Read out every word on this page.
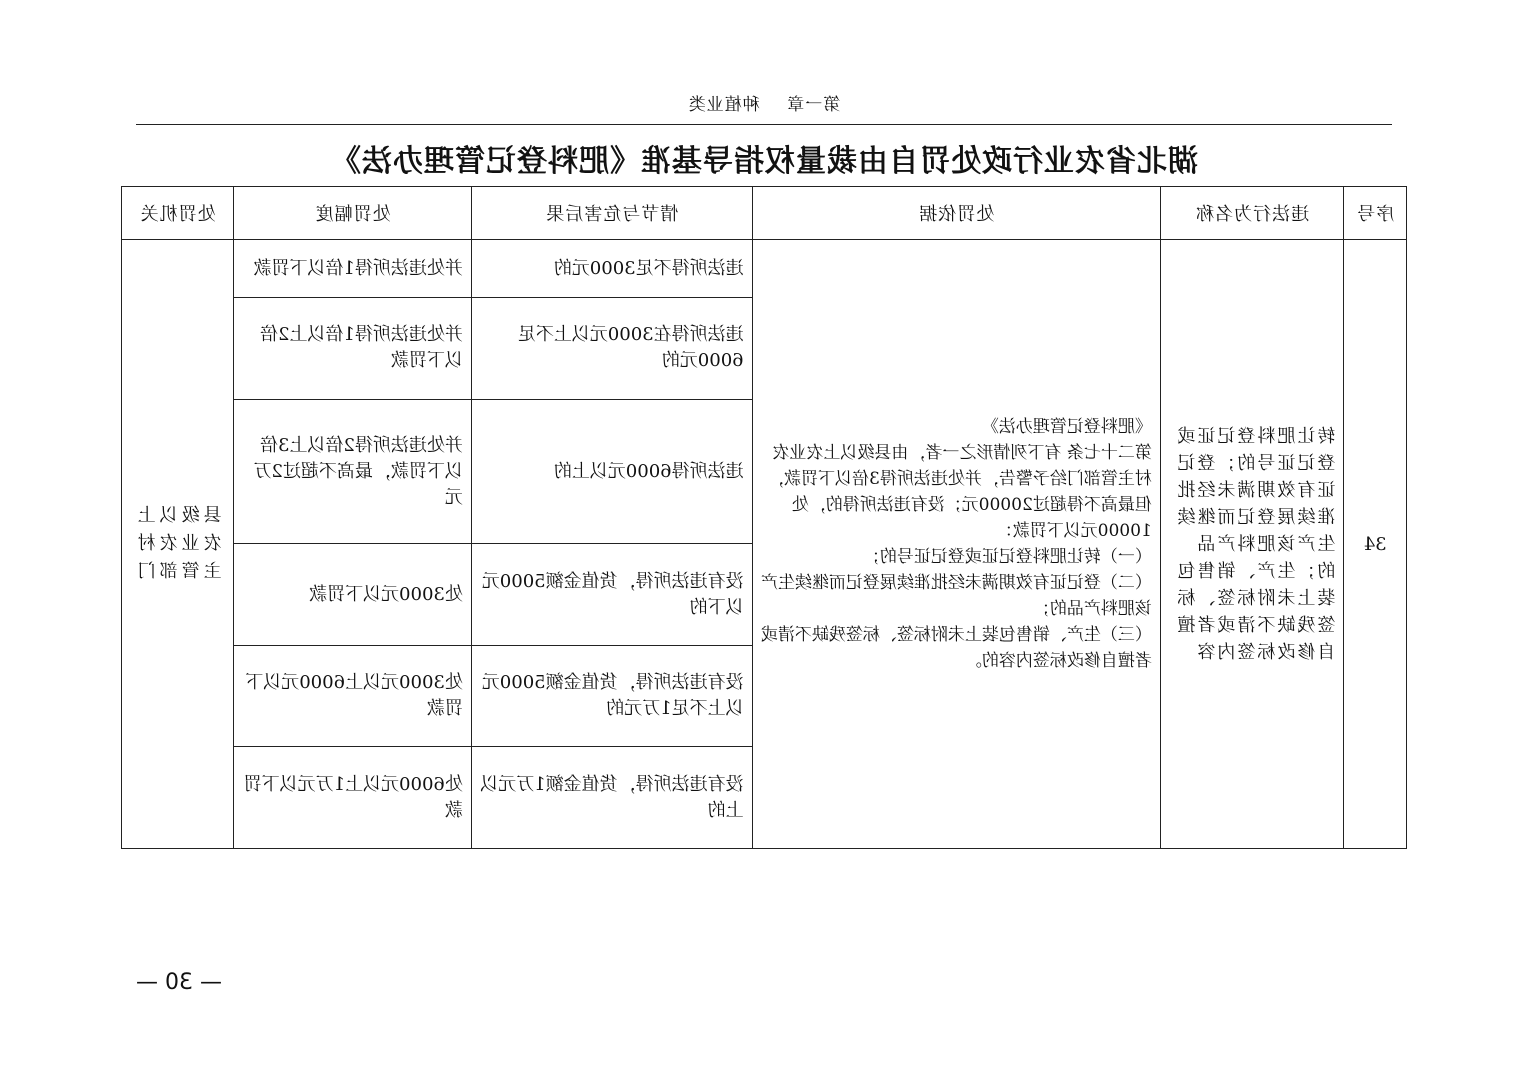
第一章 种植业类
湖北省农业行政处罚自由裁量权指导基准《肥料登记管理办法》
序号	违法行为名称	处罚依据	情节与危害后果	处罚幅度	处罚机关
34	转让肥料登记证或登记证号的；登记证有效期满未经批准续展登记而继续生产该肥料产品的；生产、销售包装上未附标签、标签残缺不清或者擅自修改标签内容	《肥料登记管理办法》
第二十七条 有下列情形之一者，由县级以上农业农村主管部门给予警告，并处违法所得3倍以下罚款，但最高不得超过20000元；没有违法所得的，处10000元以下罚款：
（一）转让肥料登记证或登记证号的；
（二）登记证有效期满未经批准续展登记而继续生产该肥料产品的；
（三）生产、销售包装上未附标签、标签残缺不清或者擅自修改标签内容的。	违法所得不足3000元的	并处违法所得1倍以下罚款	县级以上农业农村主管部门
			违法所得在3000元以上不足6000元的	并处违法所得1倍以上2倍以下罚款	
			违法所得6000元以上的	并处违法所得2倍以上3倍以下罚款，最高不超过2万元	
			没有违法所得，货值金额5000元以下的	处3000元以下罚款	
			没有违法所得，货值金额5000元以上不足1万元的	处3000元以上6000元以下罚款	
			没有违法所得，货值金额1万元以上的	处6000元以上1万元以下罚款	
— 30 —
